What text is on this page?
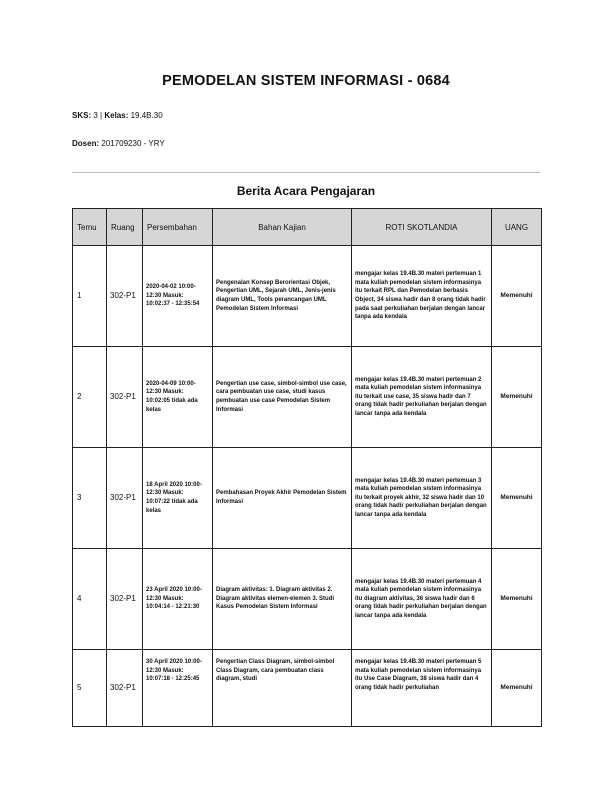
PEMODELAN SISTEM INFORMASI - 0684
SKS: 3 | Kelas: 19.4B.30
Dosen: 201709230 - YRY
Berita Acara Pengajaran
Temu	Ruang	Persembahan	Bahan Kajian	ROTI SKOTLANDIA	UANG
1	302-P1	2020-04-02 10:00-12:30 Masuk: 10:02:37 - 12:35:54	Pengenalan Konsep Berorientasi Objek, Pengertian UML, Sejarah UML, Jenis-jenis diagram UML, Tools perancangan UML Pemodelan Sistem Informasi	mengajar kelas 19.4B.30 materi pertemuan 1 mata kuliah pemodelan sistem informasinya itu terkait RPL dan Pemodelan berbasis Object, 34 siswa hadir dan 8 orang tidak hadir pada saat perkuliahan berjalan dengan lancar tanpa ada kendala	Memenuhi
2	302-P1	2020-04-09 10:00-12:30 Masuk: 10:02:05 tidak ada kelas	Pengertian use case, simbol-simbol use case, cara pembuatan use case, studi kasus pembuatan use case Pemodelan Sistem Informasi	mengajar kelas 19.4B.30 materi pertemuan 2 mata kuliah pemodelan sistem informasinya itu terkait use case, 35 siswa hadir dan 7 orang tidak hadir perkuliahan berjalan dengan lancar tanpa ada kendala	Memenuhi
3	302-P1	18 April 2020 10:00-12:30 Masuk: 10:07:22 tidak ada kelas	Pembahasan Proyek Akhir Pemodelan Sistem Informasi	mengajar kelas 19.4B.30 materi pertemuan 3 mata kuliah pemodelan sistem informasinya itu terkait proyek akhir, 32 siswa hadir dan 10 orang tidak hadir perkuliahan berjalan dengan lancar tanpa ada kendala	Memenuhi
4	302-P1	23 April 2020 10:00-12:30 Masuk: 10:04:14 - 12:21:30	Diagram aktivitas: 1. Diagram aktivitas 2. Diagram aktivitas elemen-elemen 3. Studi Kasus Pemodelan Sistem Informasi	mengajar kelas 19.4B.30 materi pertemuan 4 mata kuliah pemodelan sistem informasinya itu diagram aktivitas, 36 siswa hadir dan 6 orang tidak hadir perkuliahan berjalan dengan lancar tanpa ada kendala	Memenuhi
5	302-P1	30 April 2020 10:00-12:30 Masuk: 10:07:18 - 12:25:45	Pengertian Class Diagram, simbol-simbol Class Diagram, cara pembuatan class diagram, studi	mengajar kelas 19.4B.30 materi pertemuan 5 mata kuliah pemodelan sistem informasinya itu Use Case Diagram, 38 siswa hadir dan 4 orang tidak hadir perkuliahan	Memenuhi
